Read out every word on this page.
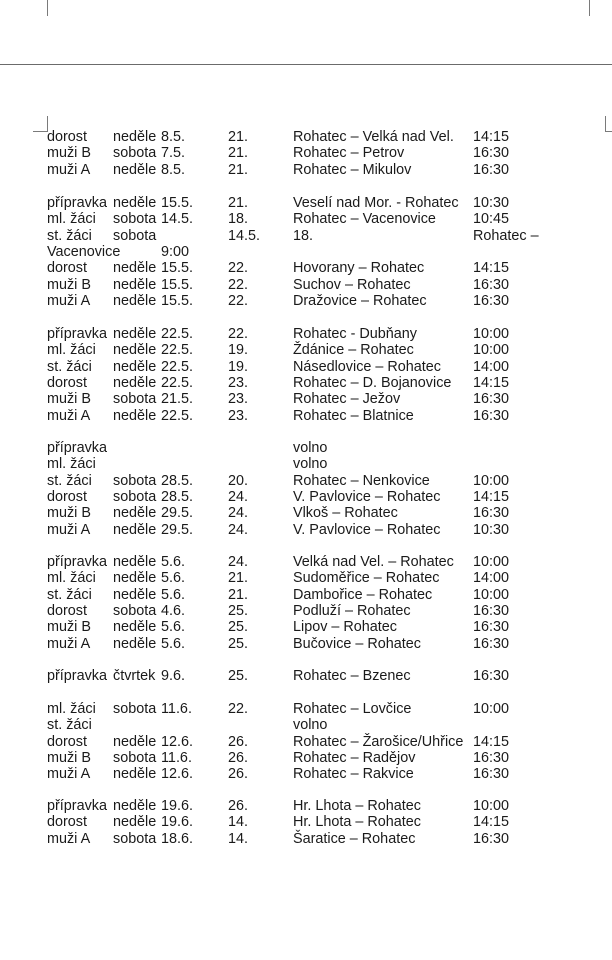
dorost neděle 8.5.	21.	Rohatec – Velká nad Vel. 14:15
muži B sobota 7.5.	21.	Rohatec – Petrov	16:30
muži A neděle 8.5.	21.	Rohatec – Mikulov	16:30
přípravka neděle 15.5. 21.	Veselí nad Mor. - Rohatec 10:30
ml. žáci sobota 14.5. 18.	Rohatec – Vacenovice	10:45
st. žáci sobota	14.5. 18.	Rohatec –
Vacenovice	9:00
dorost neděle 15.5. 22.	Hovorany – Rohatec	14:15
muži B neděle 15.5. 22.	Suchov – Rohatec	16:30
muži A neděle 15.5. 22.	Dražovice – Rohatec	16:30
přípravka neděle 22.5. 22.	Rohatec - Dubňany	10:00
ml. žáci neděle 22.5. 19.	Ždánice – Rohatec	10:00
st. žáci neděle 22.5. 19.	Násedlovice – Rohatec 14:00
dorost neděle 22.5. 23.	Rohatec – D. Bojanovice 14:15
muži B sobota 21.5. 23.	Rohatec – Ježov	16:30
muži A neděle 22.5. 23.	Rohatec – Blatnice	16:30
přípravka	volno
ml. žáci	volno
st. žáci sobota 28.5. 20.	Rohatec – Nenkovice	10:00
dorost sobota 28.5. 24.	V. Pavlovice – Rohatec 14:15
muži B neděle 29.5. 24.	Vlkoš – Rohatec	16:30
muži A neděle 29.5. 24.	V. Pavlovice – Rohatec 10:30
přípravka neděle 5.6.	24.	Velká nad Vel. – Rohatec 10:00
ml. žáci neděle 5.6.	21.	Sudoměřice – Rohatec 14:00
st. žáci neděle 5.6.	21.	Dambořice – Rohatec	10:00
dorost sobota 4.6.	25.	Podluží – Rohatec	16:30
muži B neděle 5.6.	25.	Lipov – Rohatec	16:30
muži A neděle 5.6.	25.	Bučovice – Rohatec	16:30
přípravka čtvrtek 9.6.	25.	Rohatec – Bzenec	16:30
ml. žáci sobota 11.6.	22.	Rohatec – Lovčice	10:00
st. žáci	volno
dorost neděle 12.6. 26.	Rohatec – Žarošice/Uhřice 14:15
muži B sobota 11.6.	26.	Rohatec – Radějov	16:30
muži A neděle 12.6. 26.	Rohatec – Rakvice	16:30
přípravka neděle 19.6. 26.	Hr. Lhota – Rohatec	10:00
dorost neděle 19.6. 14.	Hr. Lhota – Rohatec	14:15
muži A sobota 18.6. 14.	Šaratice – Rohatec	16:30
